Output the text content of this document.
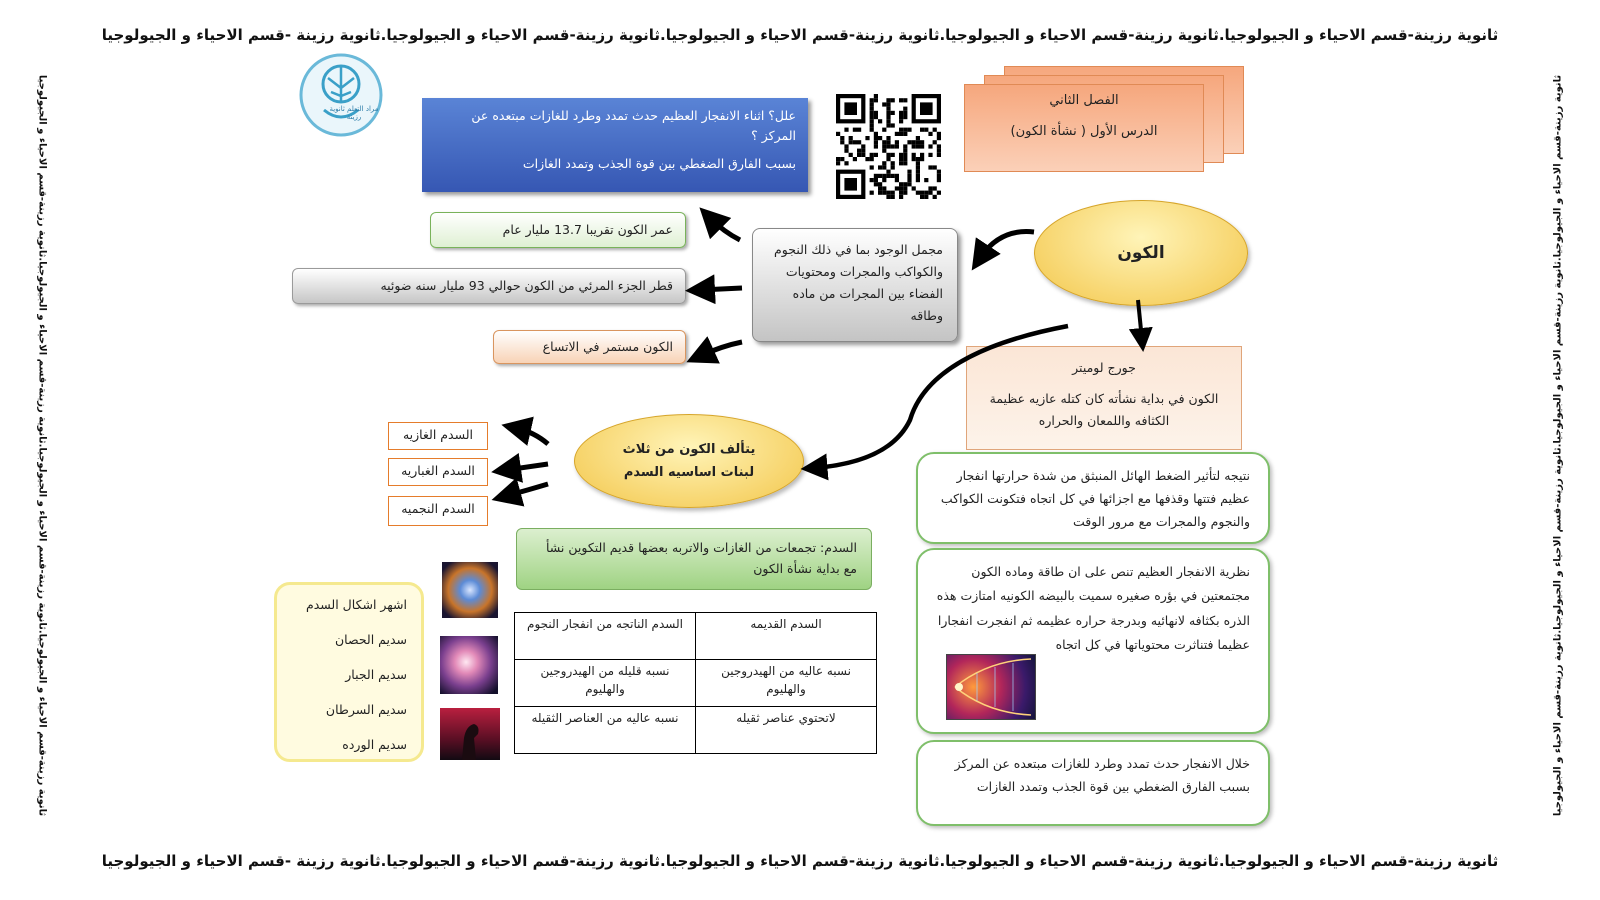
ثانوية رزينة-قسم الاحياء و الجيولوجيا.ثانوية رزينة-قسم الاحياء و الجيولوجيا.ثانوية رزينة-قسم الاحياء و الجيولوجيا.ثانوية رزينة-قسم الاحياء و الجيولوجيا.ثانوية رزينة -قسم الاحياء و الجيولوجيا
ثانوية رزينة-قسم الاحياء و الجيولوجيا.ثانوية رزينة-قسم الاحياء و الجيولوجيا.ثانوية رزينة-قسم الاحياء و الجيولوجيا.ثانوية رزينة-قسم الاحياء و الجيولوجيا.ثانوية رزينة -قسم الاحياء و الجيولوجيا
ثانوية رزينة-قسم الاحياء و الجيولوجيا.ثانوية رزينة-قسم الاحياء و الجيولوجيا.ثانوية رزينة-قسم الاحياء و الجيولوجيا.ثانوية رزينة-قسم الاحياء و الجيولوجيا	ثانوية رزينة-قسم الاحياء و الجيولوجيا.ثانوية رزينة-قسم الاحياء و الجيولوجيا.ثانوية رزينة-قسم الاحياء و الجيولوجيا.ثانوية رزينة-قسم الاحياء و الجيولوجيا
مراد التعلم ثانوية رزينة	علل؟ اثناء الانفجار العظيم حدث تمدد وطرد للغازات مبتعده عن المركز ؟
بسبب الفارق الضغطي بين قوة الجذب وتمدد الغازات
الفصل الثاني
الدرس الأول ( نشأة الكون)
الكون
مجمل الوجود بما في ذلك النجوم والكواكب والمجرات ومحتويات الفضاء بين المجرات من ماده وطاقه
عمر الكون تقريبا 13.7 مليار عام
قطر الجزء المرئي من الكون حوالي 93 مليار سنه ضوئيه
الكون مستمر في الاتساع
جورج لوميتر
الكون في بداية نشأته كان كتله عازيه عظيمة الكثافه واللمعان والحراره
نتيجه لتأثير الضغط الهائل المنبثق من شدة حرارتها انفجار عظيم فتتها وقذفها مع اجزائها في كل اتجاه فتكونت الكواكب والنجوم والمجرات مع مرور الوقت
نظرية الانفجار العظيم تنص على ان طاقة وماده الكون مجتمعتين في بؤره صغيره سميت بالبيضه الكونيه امتازت هذه الذره بكثافه لانهائيه وبدرجة حراره عظيمه ثم انفجرت انفجارا عظيما فتناثرت محتوياتها في كل اتجاه
خلال الانفجار حدث تمدد وطرد للغازات مبتعده عن المركز بسبب الفارق الضغطي بين قوة الجذب وتمدد الغازات
يتألف الكون من ثلاث لبنات اساسيه السدم
السدم الغازيه
السدم الغباريه
السدم النجميه
السدم: تجمعات من الغازات والاتربه بعضها قديم التكوين نشأ مع بداية نشأة الكون
اشهر اشكال السدم
سديم الحصان
سديم الجبار
سديم السرطان
سديم الورده
السدم القديمه	السدم الناتجه من انفجار النجوم
نسبه عاليه من الهيدروجين والهليوم	نسبه قليله من الهيدروجين والهليوم
لاتحتوي عناصر ثقيله	نسبه عاليه من العناصر الثقيله
